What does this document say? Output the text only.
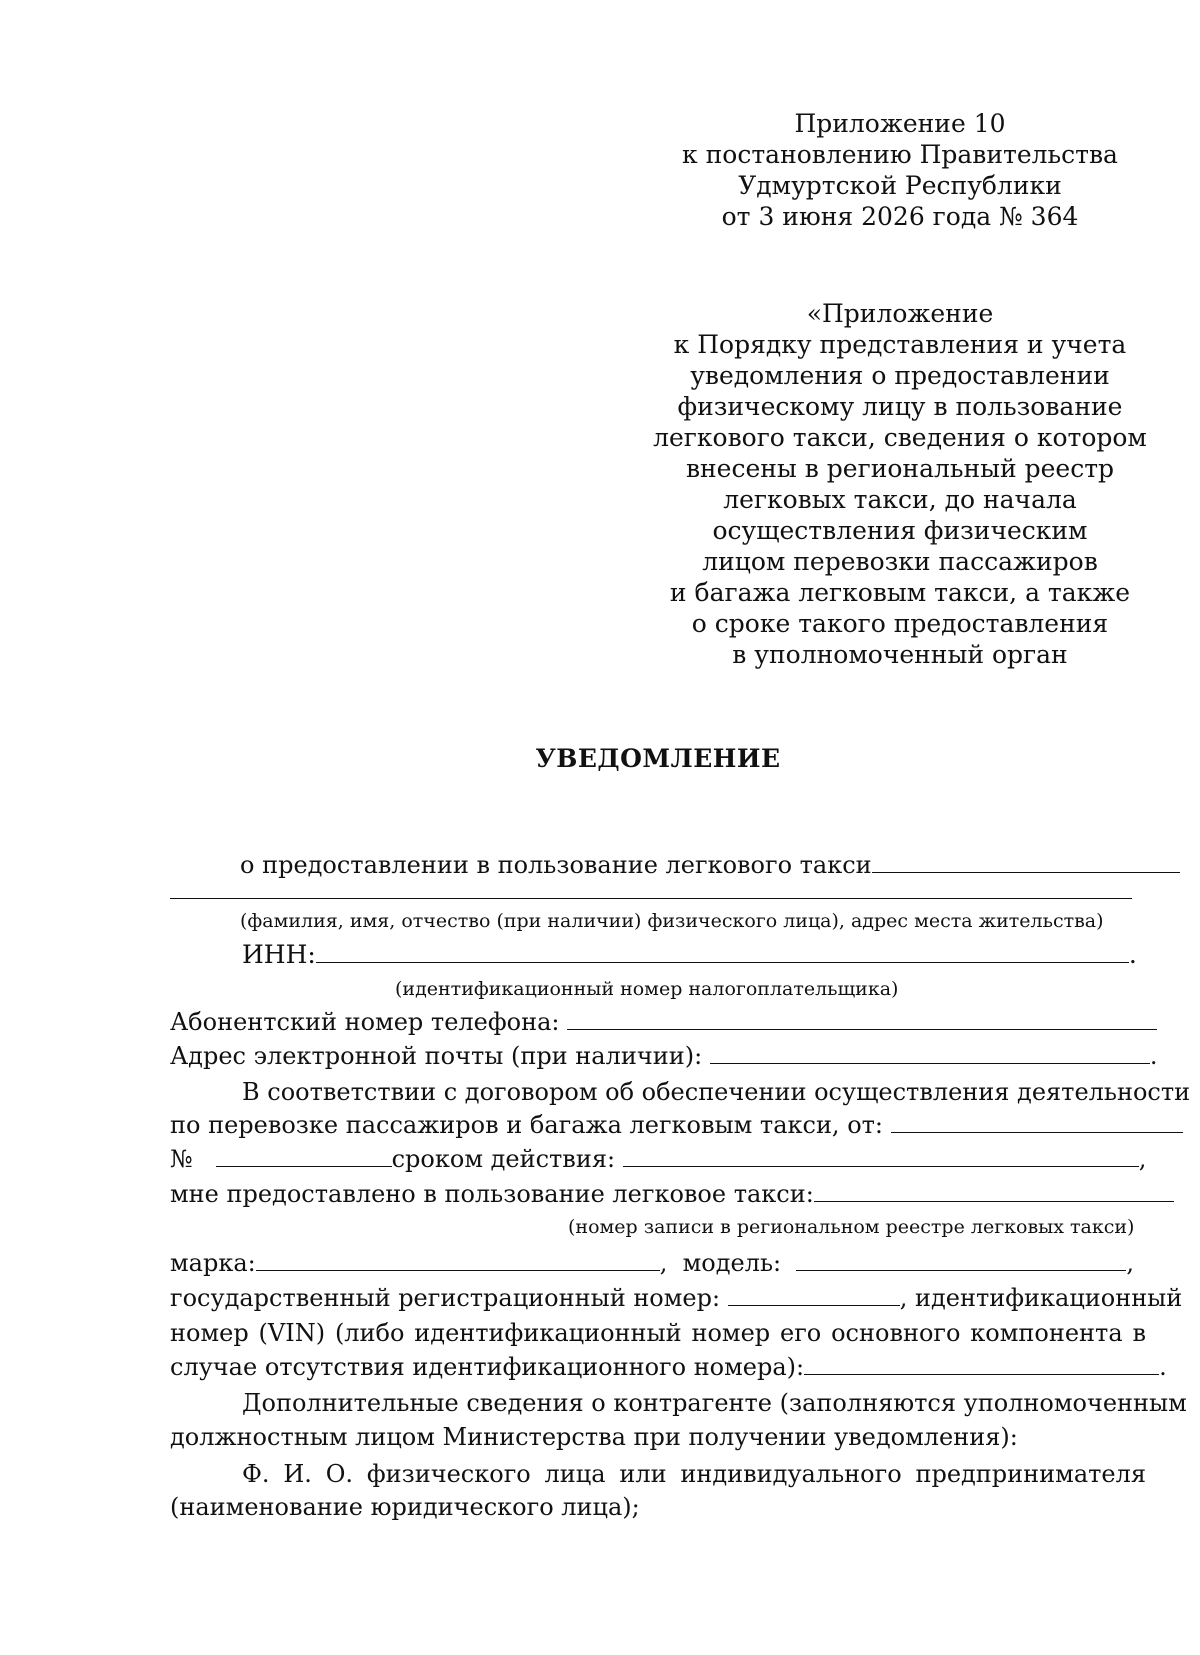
Приложение 10
к постановлению Правительства
Удмуртской Республики
от 3 июня 2026 года № 364
«Приложение
к Порядку представления и учета
уведомления о предоставлении
физическому лицу в пользование
легкового такси, сведения о котором
внесены в региональный реестр
легковых такси, до начала
осуществления физическим
лицом перевозки пассажиров
и багажа легковым такси, а также
о сроке такого предоставления
в уполномоченный орган
УВЕДОМЛЕНИЕ
о предоставлении в пользование легкового такси
(фамилия, имя, отчество (при наличии) физического лица), адрес места жительства)
ИНН:	.
(идентификационный номер налогоплательщика)
Абонентский номер телефона:
Адрес электронной почты (при наличии):	.
В соответствии с договором об обеспечении осуществления деятельности
по перевозке пассажиров и багажа легковым такси, от:
№	сроком действия:	,
мне предоставлено в пользование легковое такси:
(номер записи в региональном реестре легковых такси)
марка:	, модель:	,
государственный регистрационный номер:	, идентификационный
номер (VIN) (либо идентификационный номер его основного компонента в
случае отсутствия идентификационного номера):	.
Дополнительные сведения о контрагенте (заполняются уполномоченным
должностным лицом Министерства при получении уведомления):
Ф. И. О. физического лица или индивидуального предпринимателя
(наименование юридического лица);
